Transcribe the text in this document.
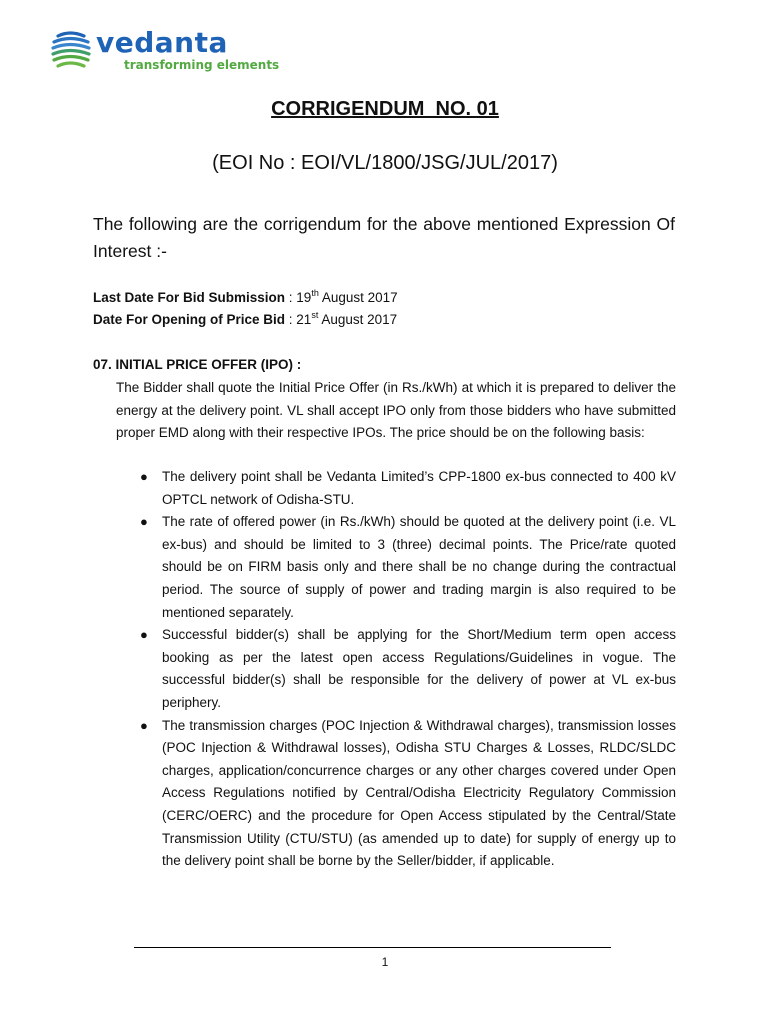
vedanta
transforming elements
CORRIGENDUM  NO. 01
(EOI No : EOI/VL/1800/JSG/JUL/2017)
The following are the corrigendum for the above mentioned Expression Of Interest :-
Last Date For Bid Submission : 19th August 2017
Date For Opening of Price Bid : 21st August 2017
07. INITIAL PRICE OFFER (IPO) :
The Bidder shall quote the Initial Price Offer (in Rs./kWh) at which it is prepared to deliver the energy at the delivery point. VL shall accept IPO only from those bidders who have submitted proper EMD along with their respective IPOs. The price should be on the following basis:
● The delivery point shall be Vedanta Limited’s CPP-1800 ex-bus connected to 400 kV OPTCL network of Odisha-STU.
● The rate of offered power (in Rs./kWh) should be quoted at the delivery point (i.e. VL ex-bus) and should be limited to 3 (three) decimal points. The Price/rate quoted should be on FIRM basis only and there shall be no change during the contractual period. The source of supply of power and trading margin is also required to be mentioned separately.
● Successful bidder(s) shall be applying for the Short/Medium term open access booking as per the latest open access Regulations/Guidelines in vogue. The successful bidder(s) shall be responsible for the delivery of power at VL ex-bus periphery.
● The transmission charges (POC Injection & Withdrawal charges), transmission losses (POC Injection & Withdrawal losses), Odisha STU Charges & Losses, RLDC/SLDC charges, application/concurrence charges or any other charges covered under Open Access Regulations notified by Central/Odisha Electricity Regulatory Commission (CERC/OERC) and the procedure for Open Access stipulated by the Central/State Transmission Utility (CTU/STU) (as amended up to date) for supply of energy up to the delivery point shall be borne by the Seller/bidder, if applicable.
1
